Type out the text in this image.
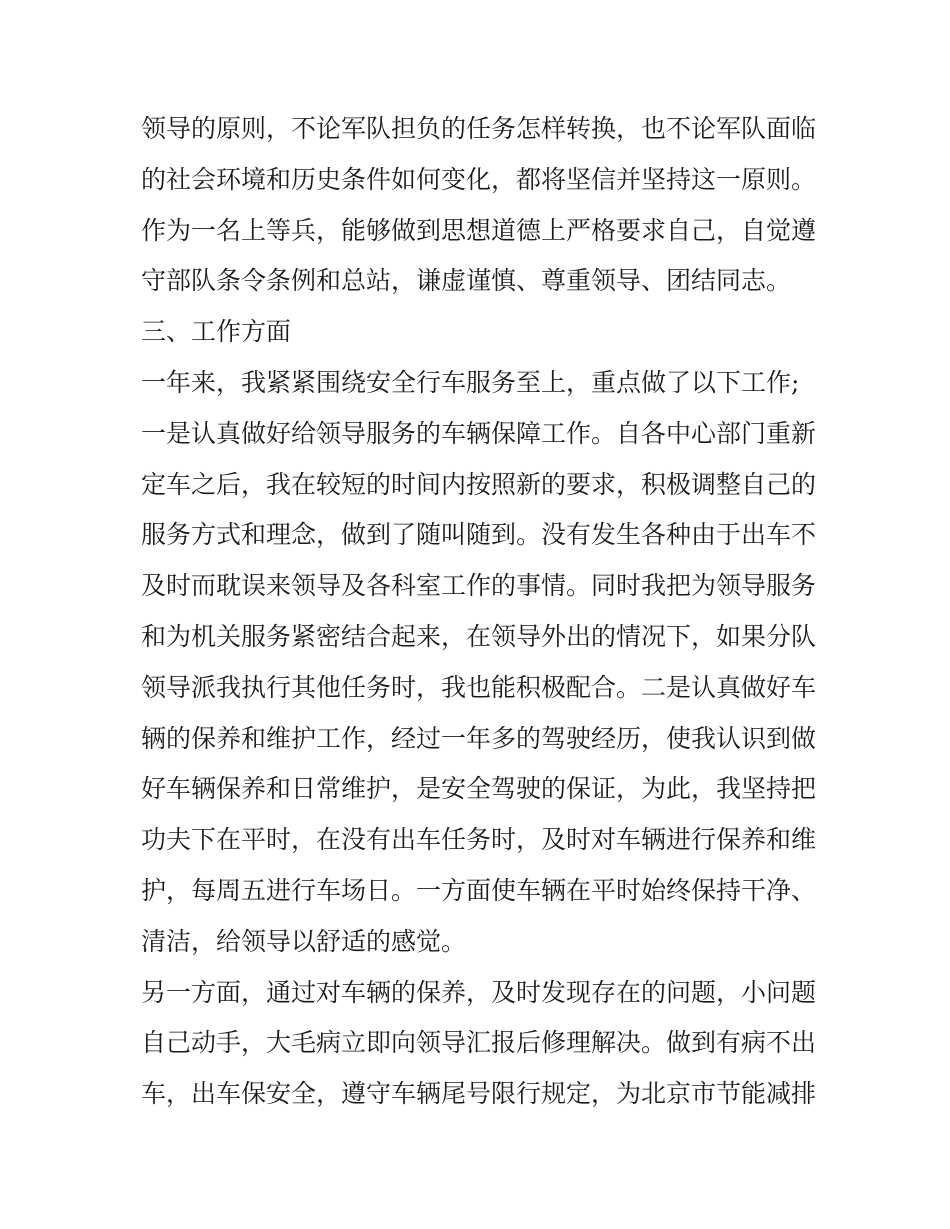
领导的原则，不论军队担负的任务怎样转换，也不论军队面临
的社会环境和历史条件如何变化，都将坚信并坚持这一原则。
作为一名上等兵，能够做到思想道德上严格要求自己，自觉遵
守部队条令条例和总站，谦虚谨慎、尊重领导、团结同志。
三、工作方面
一年来，我紧紧围绕安全行车服务至上，重点做了以下工作;
一是认真做好给领导服务的车辆保障工作。自各中心部门重新
定车之后，我在较短的时间内按照新的要求，积极调整自己的
服务方式和理念，做到了随叫随到。没有发生各种由于出车不
及时而耽误来领导及各科室工作的事情。同时我把为领导服务
和为机关服务紧密结合起来，在领导外出的情况下，如果分队
领导派我执行其他任务时，我也能积极配合。二是认真做好车
辆的保养和维护工作，经过一年多的驾驶经历，使我认识到做
好车辆保养和日常维护，是安全驾驶的保证，为此，我坚持把
功夫下在平时，在没有出车任务时，及时对车辆进行保养和维
护，每周五进行车场日。一方面使车辆在平时始终保持干净、
清洁，给领导以舒适的感觉。
另一方面，通过对车辆的保养，及时发现存在的问题，小问题
自己动手，大毛病立即向领导汇报后修理解决。做到有病不出
车，出车保安全，遵守车辆尾号限行规定，为北京市节能减排
